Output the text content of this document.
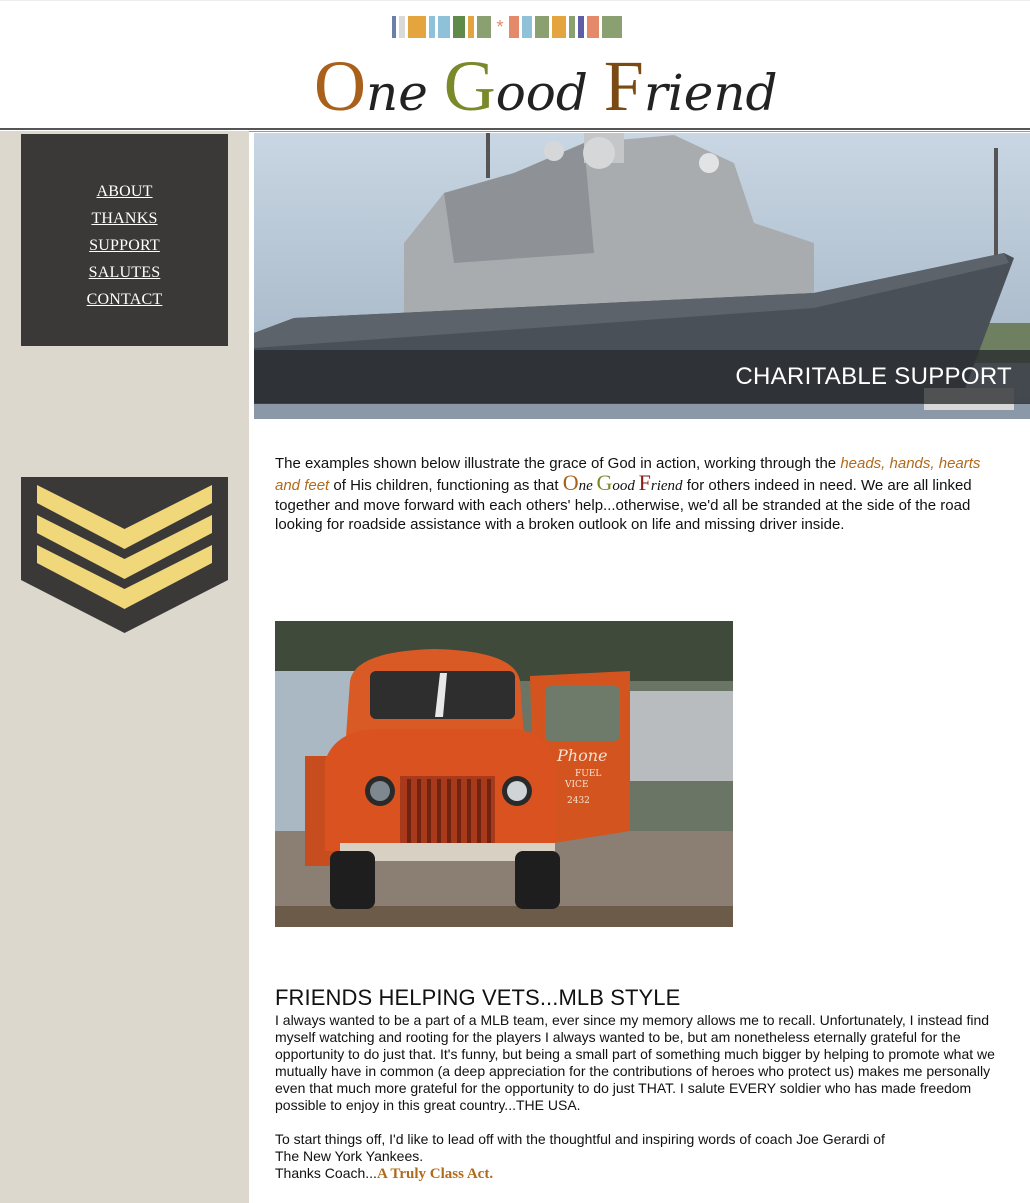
*
One Good Friend
ABOUT
THANKS
SUPPORT
SALUTES
CONTACT
CHARITABLE SUPPORT
The examples shown below illustrate the grace of God in action, working through the heads, hands, hearts and feet of His children, functioning as that One Good Friend for others indeed in need. We are all linked together and move forward with each others' help...otherwise, we'd all be stranded at the side of the road looking for roadside assistance with a broken outlook on life and missing driver inside.
Phone
FUEL
VICE
2432
FRIENDS HELPING VETS...MLB STYLE

I always wanted to be a part of a MLB team, ever since my memory allows me to recall. Unfortunately, I instead find myself watching and rooting for the players I always wanted to be, but am nonetheless eternally grateful for the opportunity to do just that. It's funny, but being a small part of something much bigger by helping to promote what we mutually have in common (a deep appreciation for the contributions of heroes who protect us) makes me personally even that much more grateful for the opportunity to do just THAT. I salute EVERY soldier who has made freedom possible to enjoy in this great country...THE USA.

To start things off, I'd like to lead off with the thoughtful and inspiring words of coach Joe Gerardi of
The New York Yankees.
Thanks Coach...A Truly Class Act.
